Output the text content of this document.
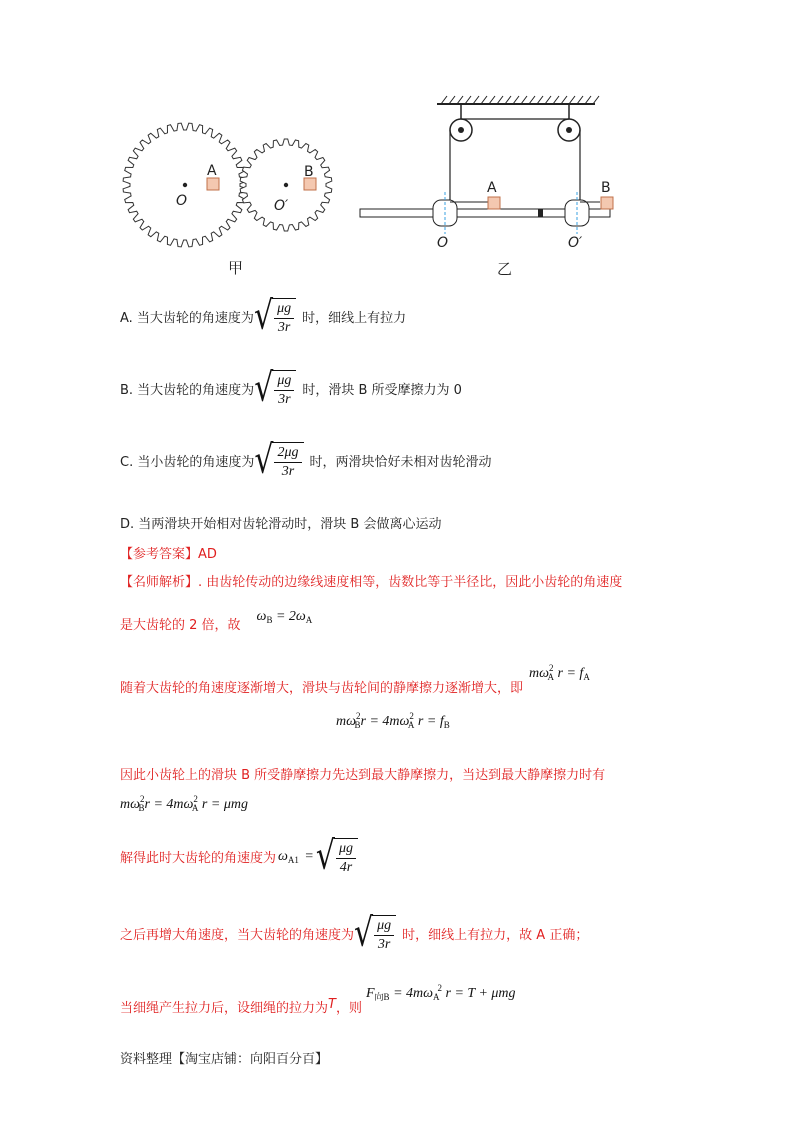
A	B
O	O′
A	B
O	O′
甲	乙
A. 当大齿轮的角速度为 √ $\frac{\mu g}{3r}$ 时，细线上有拉力
B. 当大齿轮的角速度为 √ $\frac{\mu g}{3r}$ 时，滑块 B 所受摩擦力为 0
C. 当小齿轮的角速度为 √ $\frac{2\mu g}{3r}$ 时，两滑块恰好未相对齿轮滑动
D. 当两滑块开始相对齿轮滑动时，滑块 B 会做离心运动
【参考答案】AD
【名师解析】. 由齿轮传动的边缘线速度相等，齿数比等于半径比，因此小齿轮的角速度
是大齿轮的 2 倍，故
$\omega_B = 2\omega_A$
随着大齿轮的角速度逐渐增大，滑块与齿轮间的静摩擦力逐渐增大，即
$m\omega^2_A$ $r = f_A$
$m\omega^2_Br = 4m\omega^2_A$ $r = f_B$
因此小齿轮上的滑块 B 所受静摩擦力先达到最大静摩擦力，当达到最大静摩擦力时有
$m\omega^2_Br = 4m\omega^2_A$ r = μmg
解得此时大齿轮的角速度为 $\omega_{A1}$ = √ $\frac{\mu g}{4r}$
之后再增大角速度，当大齿轮的角速度为 √ $\frac{\mu g}{3r}$ 时，细线上有拉力，故 A 正确；
当细绳产生拉力后，设细绳的拉力为 T ，则
$F_{向B} = 4m\omega_A^2$ r = T + μmg
资料整理【淘宝店铺：向阳百分百】
